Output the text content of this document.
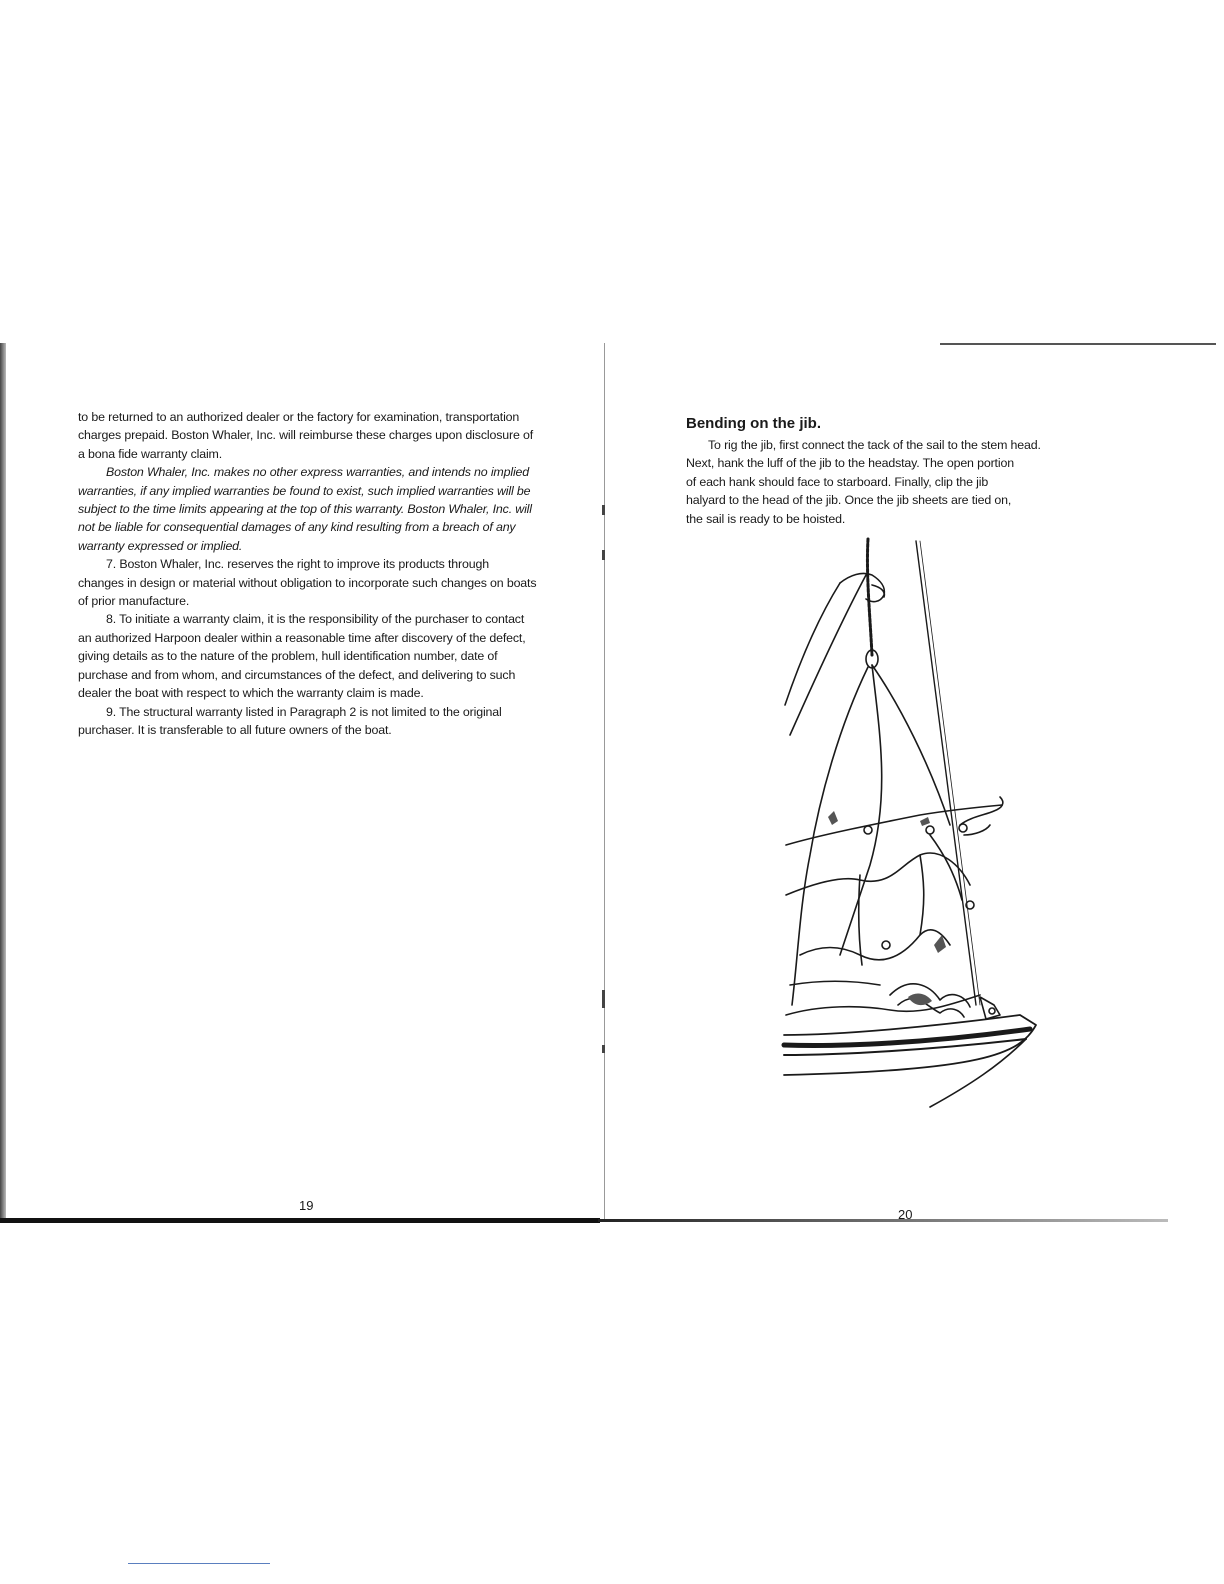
to be returned to an authorized dealer or the factory for examination, transportation charges prepaid. Boston Whaler, Inc. will reimburse these charges upon disclosure of a bona fide warranty claim.

Boston Whaler, Inc. makes no other express warranties, and intends no implied warranties, if any implied warranties be found to exist, such implied warranties will be subject to the time limits appearing at the top of this warranty. Boston Whaler, Inc. will not be liable for consequential damages of any kind resulting from a breach of any warranty expressed or implied.

7. Boston Whaler, Inc. reserves the right to improve its products through changes in design or material without obligation to incorporate such changes on boats of prior manufacture.

8. To initiate a warranty claim, it is the responsibility of the purchaser to contact an authorized Harpoon dealer within a reasonable time after discovery of the defect, giving details as to the nature of the problem, hull identification number, date of purchase and from whom, and circumstances of the defect, and delivering to such dealer the boat with respect to which the warranty claim is made.

9. The structural warranty listed in Paragraph 2 is not limited to the original purchaser. It is transferable to all future owners of the boat.

19
Bending on the jib.

To rig the jib, first connect the tack of the sail to the stem head.

Next, hank the luff of the jib to the headstay. The open portion

of each hank should face to starboard. Finally, clip the jib

halyard to the head of the jib. Once the jib sheets are tied on,

the sail is ready to be hoisted.

20
